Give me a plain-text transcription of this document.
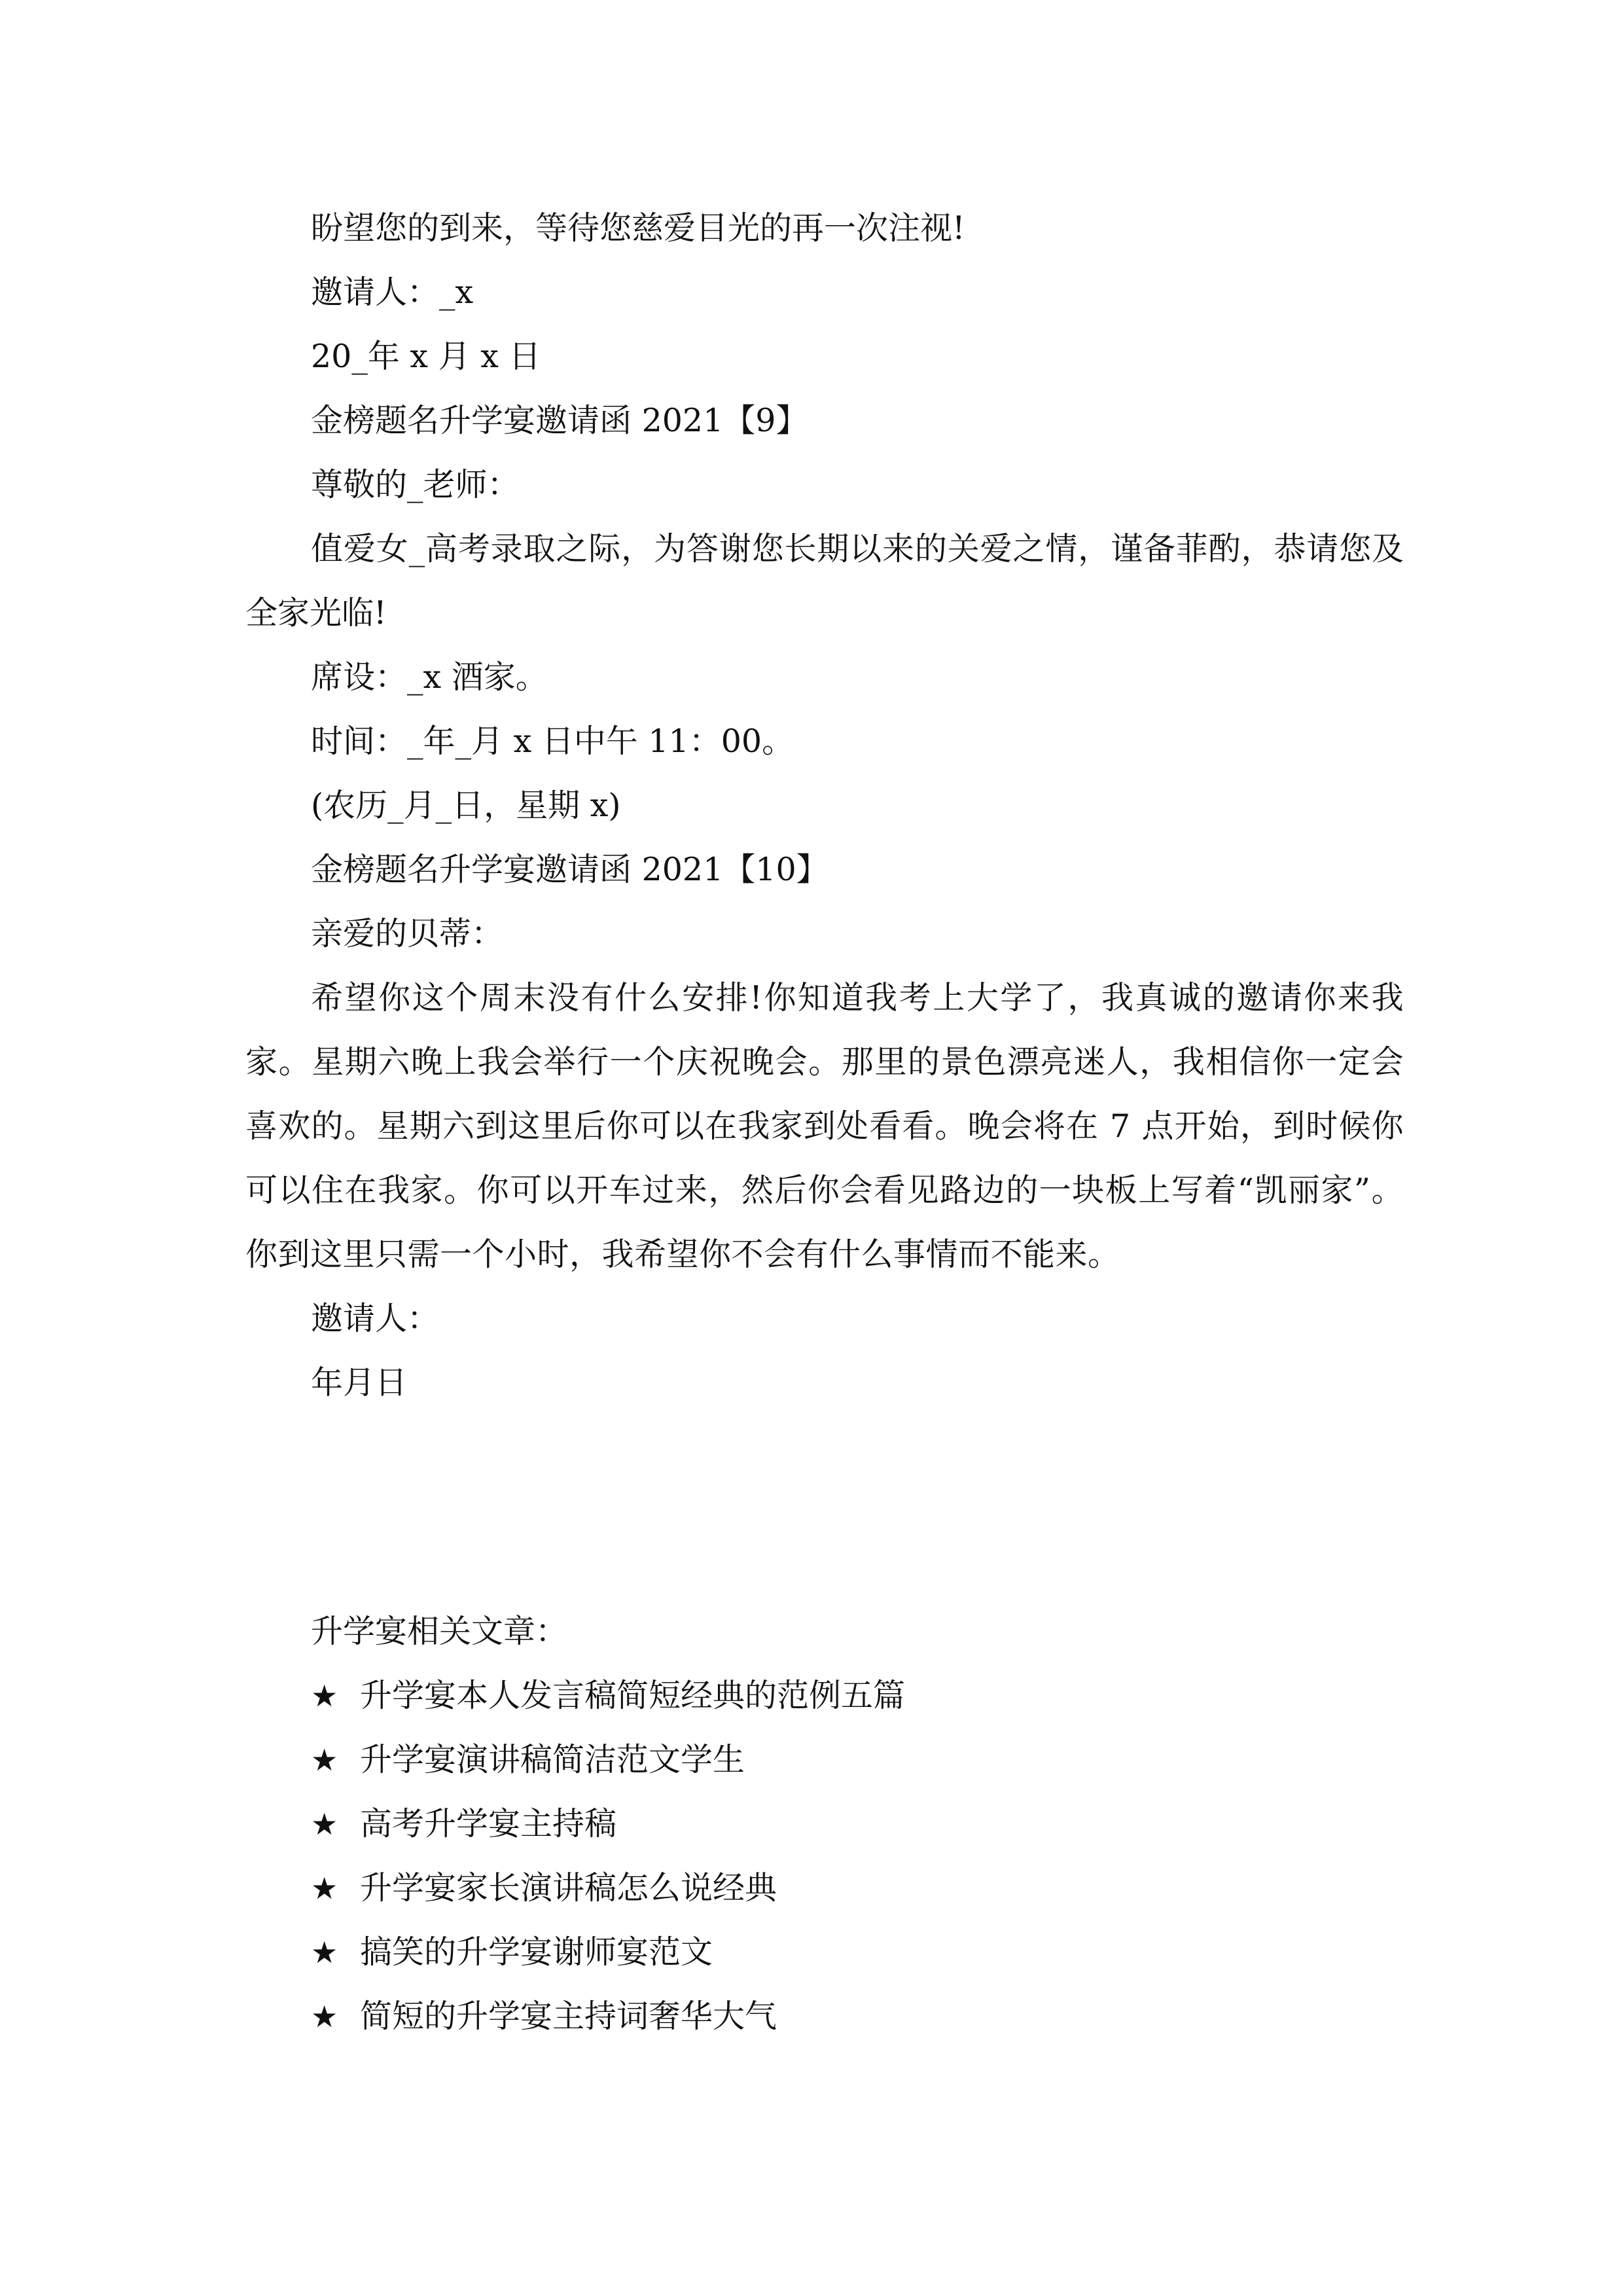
盼望您的到来，等待您慈爱目光的再一次注视!

邀请人：_x

20_年 x 月 x 日

金榜题名升学宴邀请函 2021【9】

尊敬的_老师：

值爱女_高考录取之际，为答谢您长期以来的关爱之情，谨备菲酌，恭请您及全家光临!

席设：_x 酒家。

时间：_年_月 x 日中午 11：00。

(农历_月_日，星期 x)

金榜题名升学宴邀请函 2021【10】

亲爱的贝蒂：

希望你这个周末没有什么安排!你知道我考上大学了，我真诚的邀请你来我家。星期六晚上我会举行一个庆祝晚会。那里的景色漂亮迷人，我相信你一定会喜欢的。星期六到这里后你可以在我家到处看看。晚会将在 7 点开始，到时候你可以住在我家。你可以开车过来，然后你会看见路边的一块板上写着“凯丽家”。你到这里只需一个小时，我希望你不会有什么事情而不能来。

邀请人：

年月日

升学宴相关文章：

★ 升学宴本人发言稿简短经典的范例五篇
★ 升学宴演讲稿简洁范文学生
★ 高考升学宴主持稿
★ 升学宴家长演讲稿怎么说经典
★ 搞笑的升学宴谢师宴范文
★ 简短的升学宴主持词奢华大气
